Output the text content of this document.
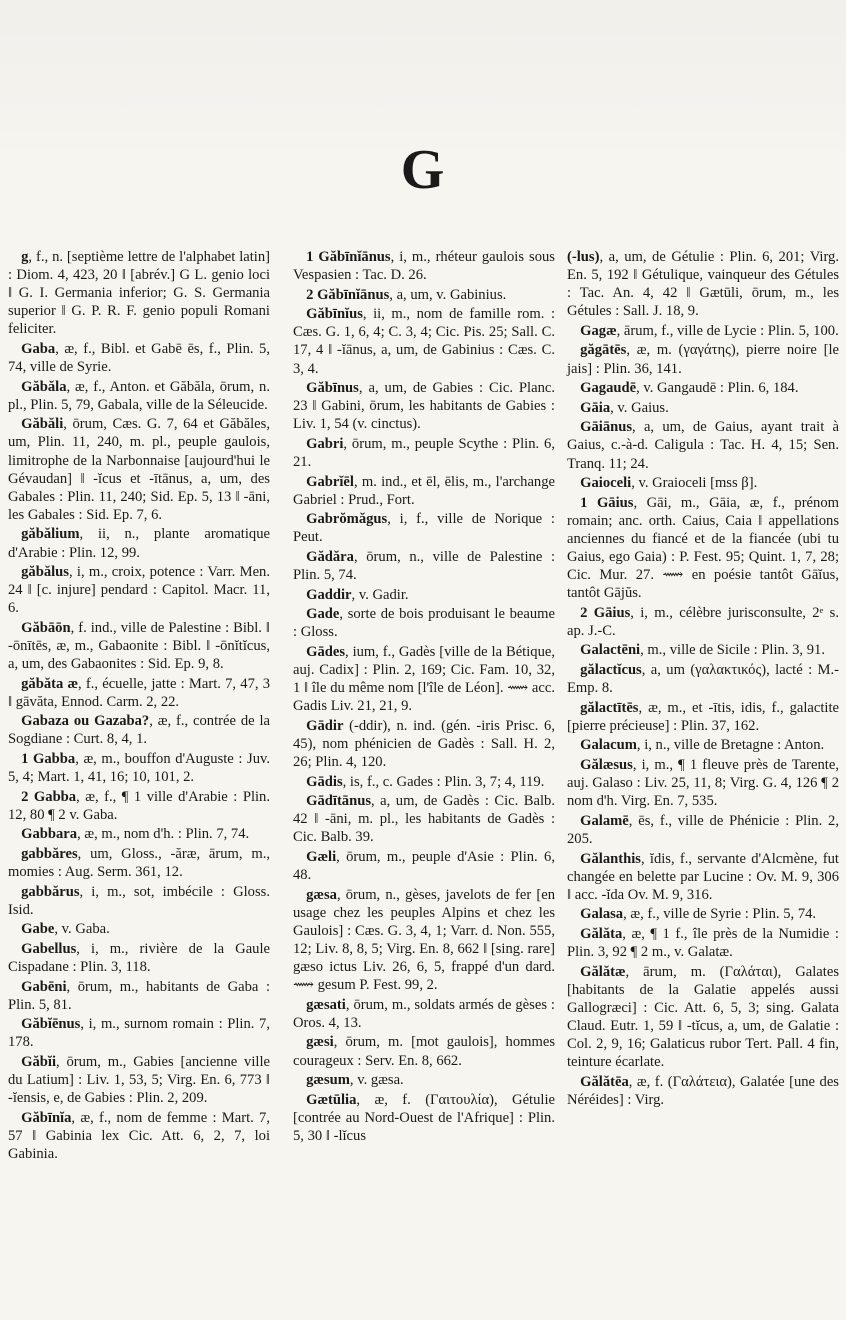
G

g, f., n. [septième lettre de l'alphabet latin] : Diom. 4, 423, 20 ‖ [abrév.] G L. genio loci ‖ G. I. Germania inferior; G. S. Germania superior ‖ G. P. R. F. genio populi Romani feliciter.

Gaba, æ, f., Bibl. et Gabē ēs, f., Plin. 5, 74, ville de Syrie.

Găbăla, æ, f., Anton. et Găbăla, ōrum, n. pl., Plin. 5, 79, Gabala, ville de la Séleucide.

Găbăli, ōrum, Cæs. G. 7, 64 et Găbăles, um, Plin. 11, 240, m. pl., peuple gaulois, limitrophe de la Narbonnaise [aujourd'hui le Gévaudan] ‖ -ĭcus et -ītānus, a, um, des Gabales : Plin. 11, 240; Sid. Ep. 5, 13 ‖ -āni, les Gabales : Sid. Ep. 7, 6.

găbălium, ii, n., plante aromatique d'Arabie : Plin. 12, 99.

găbălus, i, m., croix, potence : Varr. Men. 24 ‖ [c. injure] pendard : Capitol. Macr. 11, 6.

Găbāōn, f. ind., ville de Palestine : Bibl. ‖ -ōnītēs, æ, m., Gabaonite : Bibl. ‖ -ōnĭtĭcus, a, um, des Gabaonites : Sid. Ep. 9, 8.

găbăta æ, f., écuelle, jatte : Mart. 7, 47, 3 ‖ gāvăta, Ennod. Carm. 2, 22.

Gabaza ou Gazaba?, æ, f., contrée de la Sogdiane : Curt. 8, 4, 1.

1 Gabba, æ, m., bouffon d'Auguste : Juv. 5, 4; Mart. 1, 41, 16; 10, 101, 2.

2 Gabba, æ, f., ¶ 1 ville d'Arabie : Plin. 12, 80 ¶ 2 v. Gaba.

Gabbara, æ, m., nom d'h. : Plin. 7, 74.

gabbăres, um, Gloss., -ăræ, ārum, m., momies : Aug. Serm. 361, 12.

gabbărus, i, m., sot, imbécile : Gloss. Isid.

Gabe, v. Gaba.

Gabellus, i, m., rivière de la Gaule Cispadane : Plin. 3, 118.

Gabēni, ōrum, m., habitants de Gaba : Plin. 5, 81.

Găbĭēnus, i, m., surnom romain : Plin. 7, 178.

Găbĭi, ōrum, m., Gabies [ancienne ville du Latium] : Liv. 1, 53, 5; Virg. En. 6, 773 ‖ -ĭensis, e, de Gabies : Plin. 2, 209.

Găbīnĭa, æ, f., nom de femme : Mart. 7, 57 ‖ Gabinia lex Cic. Att. 6, 2, 7, loi Gabinia.

1 Găbīnĭānus, i, m., rhéteur gaulois sous Vespasien : Tac. D. 26.

2 Găbīnĭānus, a, um, v. Gabinius.

Găbīnĭus, ii, m., nom de famille rom. : Cæs. G. 1, 6, 4; C. 3, 4; Cic. Pis. 25; Sall. C. 17, 4 ‖ -ĭānus, a, um, de Gabinius : Cæs. C. 3, 4.

Găbīnus, a, um, de Gabies : Cic. Planc. 23 ‖ Gabini, ōrum, les habitants de Gabies : Liv. 1, 54 (v. cinctus).

Gabri, ōrum, m., peuple Scythe : Plin. 6, 21.

Gabrĭēl, m. ind., et ēl, ēlis, m., l'archange Gabriel : Prud., Fort.

Gabrŏmăgus, i, f., ville de Norique : Peut.

Gădăra, ōrum, n., ville de Palestine : Plin. 5, 74.

Gaddir, v. Gadir.

Gade, sorte de bois produisant le beaume : Gloss.

Gādes, ium, f., Gadès [ville de la Bétique, auj. Cadix] : Plin. 2, 169; Cic. Fam. 10, 32, 1 ‖ île du même nom [l'île de Léon]. ⟿ acc. Gadis Liv. 21, 21, 9.

Gādir (-ddir), n. ind. (gén. -iris Prisc. 6, 45), nom phénicien de Gadès : Sall. H. 2, 26; Plin. 4, 120.

Gādis, is, f., c. Gades : Plin. 3, 7; 4, 119.

Gādītānus, a, um, de Gadès : Cic. Balb. 42 ‖ -āni, m. pl., les habitants de Gadès : Cic. Balb. 39.

Gæli, ōrum, m., peuple d'Asie : Plin. 6, 48.

gæsa, ōrum, n., gèses, javelots de fer [en usage chez les peuples Alpins et chez les Gaulois] : Cæs. G. 3, 4, 1; Varr. d. Non. 555, 12; Liv. 8, 8, 5; Virg. En. 8, 662 ‖ [sing. rare] gæso ictus Liv. 26, 6, 5, frappé d'un dard. ⟿ gesum P. Fest. 99, 2.

gæsati, ōrum, m., soldats armés de gèses : Oros. 4, 13.

gæsi, ōrum, m. [mot gaulois], hommes courageux : Serv. En. 8, 662.

gæsum, v. gæsa.

Gætūlia, æ, f. (Γαιτουλία), Gétulie [contrée au Nord-Ouest de l'Afrique] : Plin. 5, 30 ‖ -lĭcus

(-lus), a, um, de Gétulie : Plin. 6, 201; Virg. En. 5, 192 ‖ Gétulique, vainqueur des Gétules : Tac. An. 4, 42 ‖ Gætūli, ōrum, m., les Gétules : Sall. J. 18, 9.

Gagæ, ārum, f., ville de Lycie : Plin. 5, 100.

găgātēs, æ, m. (γαγάτης), pierre noire [le jais] : Plin. 36, 141.

Gagaudē, v. Gangaudē : Plin. 6, 184.

Gāia, v. Gaius.

Gāiānus, a, um, de Gaius, ayant trait à Gaius, c.-à-d. Caligula : Tac. H. 4, 15; Sen. Tranq. 11; 24.

Gaioceli, v. Graioceli [mss β].

1 Gāius, Gāi, m., Gāia, æ, f., prénom romain; anc. orth. Caius, Caia ‖ appellations anciennes du fiancé et de la fiancée (ubi tu Gaius, ego Gaia) : P. Fest. 95; Quint. 1, 7, 28; Cic. Mur. 27. ⟿ en poésie tantôt Gāĭus, tantôt Gājŭs.

2 Gāius, i, m., célèbre jurisconsulte, 2ᵉ s. ap. J.-C.

Galactēni, m., ville de Sicile : Plin. 3, 91.

gălactĭcus, a, um (γαλακτικός), lacté : M.-Emp. 8.

gălactītēs, æ, m., et -ītis, idis, f., galactite [pierre précieuse] : Plin. 37, 162.

Galacum, i, n., ville de Bretagne : Anton.

Gălæsus, i, m., ¶ 1 fleuve près de Tarente, auj. Galaso : Liv. 25, 11, 8; Virg. G. 4, 126 ¶ 2 nom d'h. Virg. En. 7, 535.

Galamē, ēs, f., ville de Phénicie : Plin. 2, 205.

Gălanthis, ĭdis, f., servante d'Alcmène, fut changée en belette par Lucine : Ov. M. 9, 306 ‖ acc. -ĭda Ov. M. 9, 316.

Galasa, æ, f., ville de Syrie : Plin. 5, 74.

Gălăta, æ, ¶ 1 f., île près de la Numidie : Plin. 3, 92 ¶ 2 m., v. Galatæ.

Gălătæ, ārum, m. (Γαλάται), Galates [habitants de la Galatie appelés aussi Gallogræci] : Cic. Att. 6, 5, 3; sing. Galata Claud. Eutr. 1, 59 ‖ -tĭcus, a, um, de Galatie : Col. 2, 9, 16; Galaticus rubor Tert. Pall. 4 fin, teinture écarlate.

Gălătēa, æ, f. (Γαλάτεια), Galatée [une des Néréides] : Virg.
